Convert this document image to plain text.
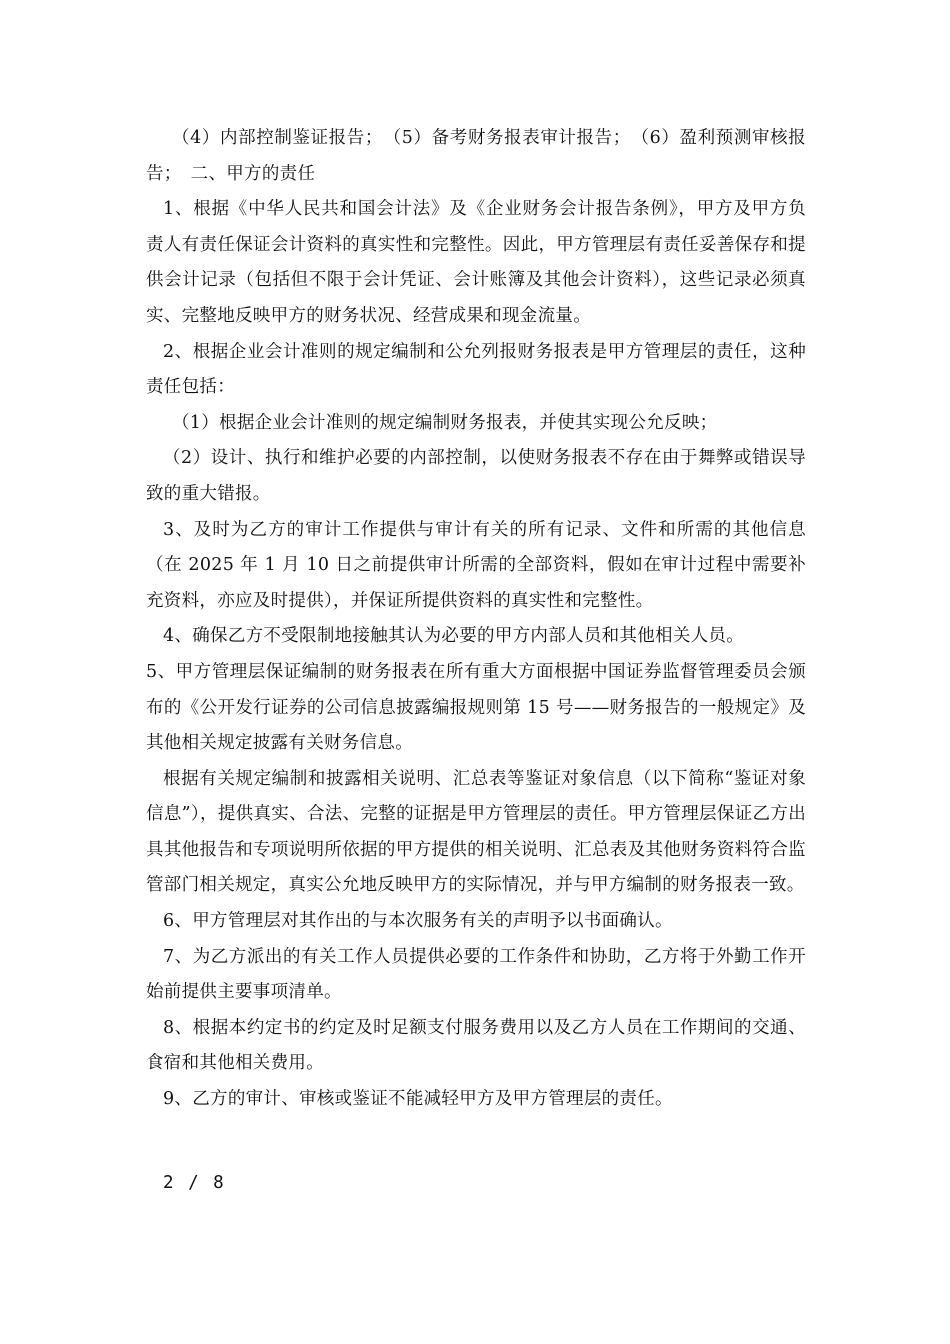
（4）内部控制鉴证报告；　（5）备考财务报表审计报告；　（6）盈利预测审核报告；　二、甲方的责任

1、根据《中华人民共和国会计法》及《企业财务会计报告条例》，甲方及甲方负责人有责任保证会计资料的真实性和完整性。因此，甲方管理层有责任妥善保存和提供会计记录（包括但不限于会计凭证、会计账簿及其他会计资料），这些记录必须真实、完整地反映甲方的财务状况、经营成果和现金流量。

2、根据企业会计准则的规定编制和公允列报财务报表是甲方管理层的责任，这种责任包括：

（1）根据企业会计准则的规定编制财务报表，并使其实现公允反映；

（2）设计、执行和维护必要的内部控制，以使财务报表不存在由于舞弊或错误导致的重大错报。

3、及时为乙方的审计工作提供与审计有关的所有记录、文件和所需的其他信息（在 2025 年 1 月 10 日之前提供审计所需的全部资料，假如在审计过程中需要补充资料，亦应及时提供），并保证所提供资料的真实性和完整性。

4、确保乙方不受限制地接触其认为必要的甲方内部人员和其他相关人员。

5、甲方管理层保证编制的财务报表在所有重大方面根据中国证券监督管理委员会颁布的《公开发行证券的公司信息披露编报规则第 15 号——财务报告的一般规定》及其他相关规定披露有关财务信息。

根据有关规定编制和披露相关说明、汇总表等鉴证对象信息（以下简称“鉴证对象信息”），提供真实、合法、完整的证据是甲方管理层的责任。甲方管理层保证乙方出具其他报告和专项说明所依据的甲方提供的相关说明、汇总表及其他财务资料符合监管部门相关规定，真实公允地反映甲方的实际情况，并与甲方编制的财务报表一致。

6、甲方管理层对其作出的与本次服务有关的声明予以书面确认。

7、为乙方派出的有关工作人员提供必要的工作条件和协助，乙方将于外勤工作开始前提供主要事项清单。

8、根据本约定书的约定及时足额支付服务费用以及乙方人员在工作期间的交通、食宿和其他相关费用。

9、乙方的审计、审核或鉴证不能减轻甲方及甲方管理层的责任。

2 / 8
